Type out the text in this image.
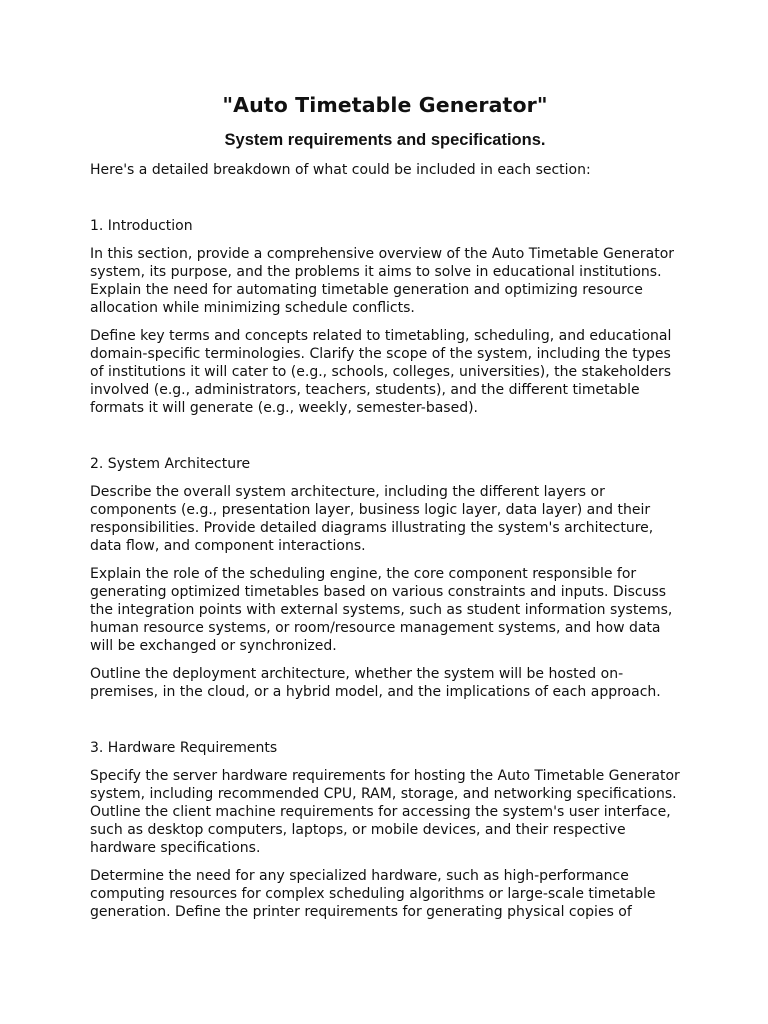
"Auto Timetable Generator"
System requirements and specifications.

Here's a detailed breakdown of what could be included in each section:

1. Introduction

In this section, provide a comprehensive overview of the Auto Timetable Generator system, its purpose, and the problems it aims to solve in educational institutions. Explain the need for automating timetable generation and optimizing resource allocation while minimizing schedule conflicts.

Define key terms and concepts related to timetabling, scheduling, and educational domain-specific terminologies. Clarify the scope of the system, including the types of institutions it will cater to (e.g., schools, colleges, universities), the stakeholders involved (e.g., administrators, teachers, students), and the different timetable formats it will generate (e.g., weekly, semester-based).

2. System Architecture

Describe the overall system architecture, including the different layers or components (e.g., presentation layer, business logic layer, data layer) and their responsibilities. Provide detailed diagrams illustrating the system's architecture, data flow, and component interactions.

Explain the role of the scheduling engine, the core component responsible for generating optimized timetables based on various constraints and inputs. Discuss the integration points with external systems, such as student information systems, human resource systems, or room/resource management systems, and how data will be exchanged or synchronized.

Outline the deployment architecture, whether the system will be hosted on-premises, in the cloud, or a hybrid model, and the implications of each approach.

3. Hardware Requirements

Specify the server hardware requirements for hosting the Auto Timetable Generator system, including recommended CPU, RAM, storage, and networking specifications. Outline the client machine requirements for accessing the system's user interface, such as desktop computers, laptops, or mobile devices, and their respective hardware specifications.

Determine the need for any specialized hardware, such as high-performance computing resources for complex scheduling algorithms or large-scale timetable generation. Define the printer requirements for generating physical copies of
